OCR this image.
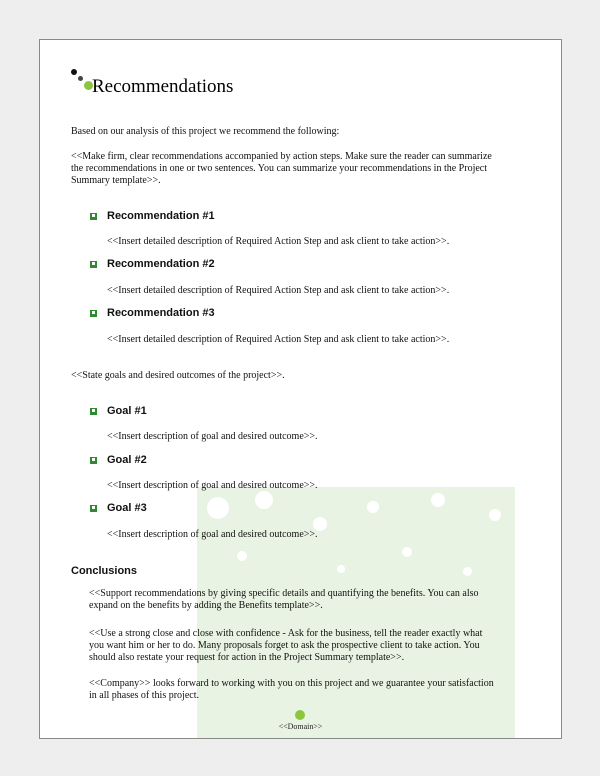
Recommendations
Based on our analysis of this project we recommend the following:
<<Make firm, clear recommendations accompanied by action steps. Make sure the reader can summarize
the recommendations in one or two sentences. You can summarize your recommendations in the Project
Summary template>>.
Recommendation #1
<<Insert detailed description of Required Action Step and ask client to take action>>.
Recommendation #2
<<Insert detailed description of Required Action Step and ask client to take action>>.
Recommendation #3
<<Insert detailed description of Required Action Step and ask client to take action>>.
<<State goals and desired outcomes of the project>>.
Goal #1
<<Insert description of goal and desired outcome>>.
Goal #2
<<Insert description of goal and desired outcome>>.
Goal #3
<<Insert description of goal and desired outcome>>.
Conclusions
<<Support recommendations by giving specific details and quantifying the benefits. You can also
expand on the benefits by adding the Benefits template>>.
<<Use a strong close and close with confidence - Ask for the business, tell the reader exactly what
you want him or her to do. Many proposals forget to ask the prospective client to take action. You
should also restate your request for action in the Project Summary template>>.
<<Company>> looks forward to working with you on this project and we guarantee your satisfaction
in all phases of this project.
<<Domain>>
